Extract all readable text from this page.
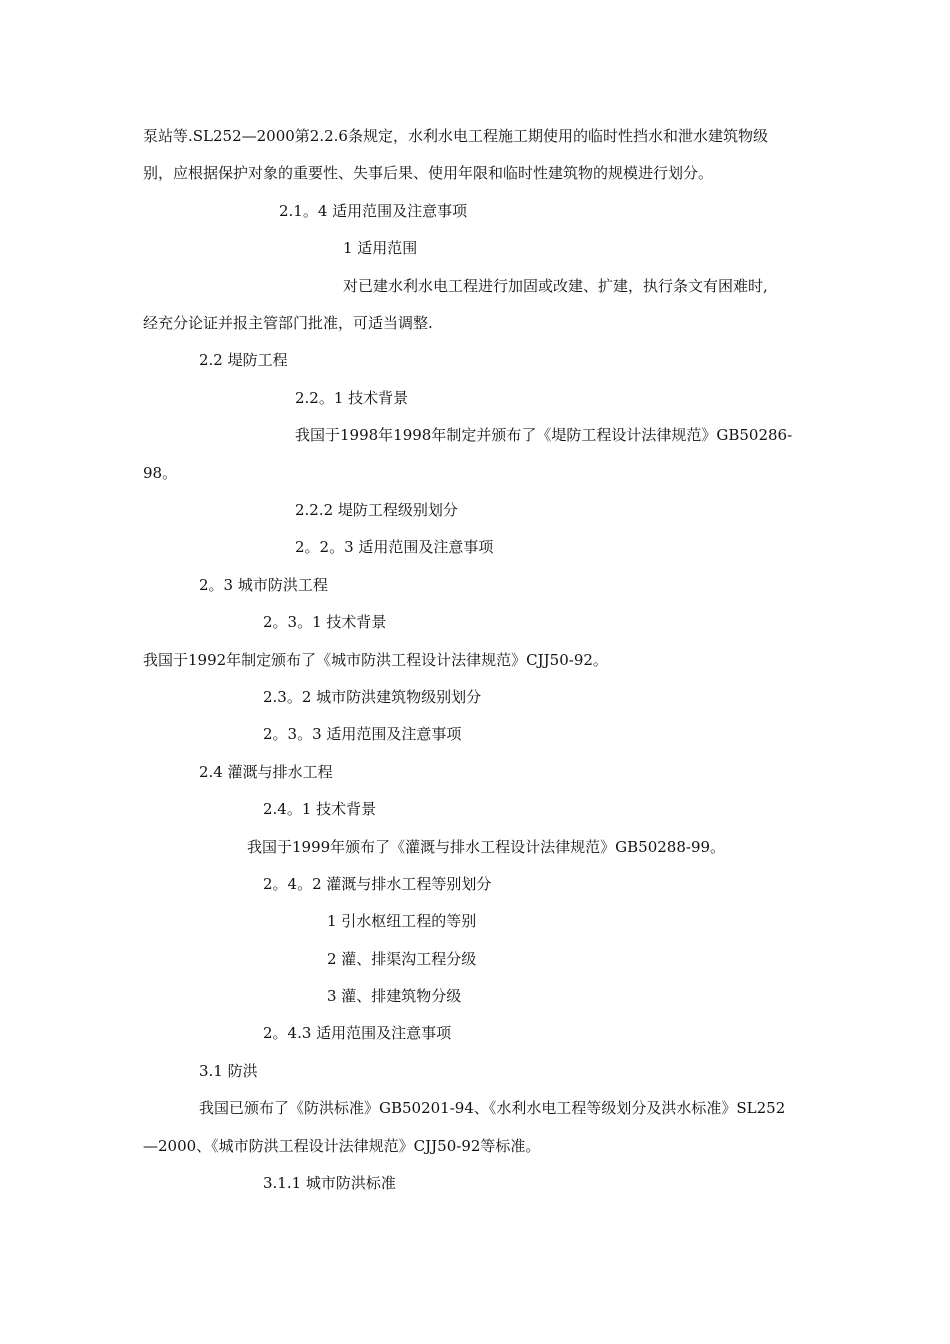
泵站等.SL252—2000第2.2.6条规定，水利水电工程施工期使用的临时性挡水和泄水建筑物级
别，应根据保护对象的重要性、失事后果、使用年限和临时性建筑物的规模进行划分。
2.1。4 适用范围及注意事项
1 适用范围
对已建水利水电工程进行加固或改建、扩建，执行条文有困难时,
经充分论证并报主管部门批准，可适当调整.
2.2 堤防工程
2.2。1 技术背景
我国于1998年1998年制定并颁布了《堤防工程设计法律规范》GB50286-
98。
2.2.2 堤防工程级别划分
2。2。3 适用范围及注意事项
2。3 城市防洪工程
2。3。1 技术背景
我国于1992年制定颁布了《城市防洪工程设计法律规范》CJJ50-92。
2.3。2 城市防洪建筑物级别划分
2。3。3 适用范围及注意事项
2.4 灌溉与排水工程
2.4。1 技术背景
我国于1999年颁布了《灌溉与排水工程设计法律规范》GB50288-99。
2。4。2 灌溉与排水工程等别划分
1 引水枢纽工程的等别
2 灌、排渠沟工程分级
3 灌、排建筑物分级
2。4.3 适用范围及注意事项
3.1 防洪
我国已颁布了《防洪标准》GB50201-94、《水利水电工程等级划分及洪水标准》SL252
—2000、《城市防洪工程设计法律规范》CJJ50-92等标准。
3.1.1 城市防洪标准
